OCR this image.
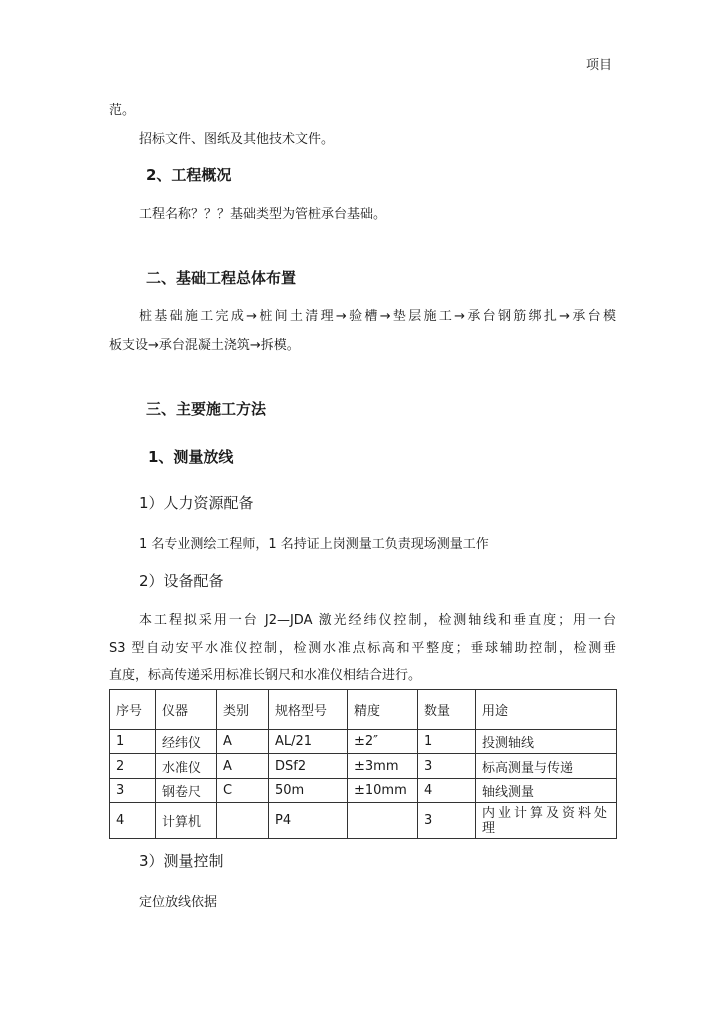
项目
范。
招标文件、图纸及其他技术文件。
2、工程概况
工程名称？？？基础类型为管桩承台基础。
二、基础工程总体布置
桩基础施工完成→桩间土清理→验槽→垫层施工→承台钢筋绑扎→承台模
板支设→承台混凝土浇筑→拆模。
三、主要施工方法
1、测量放线
1）人力资源配备
1 名专业测绘工程师，1 名持证上岗测量工负责现场测量工作
2）设备配备
本工程拟采用一台 J2—JDA 激光经纬仪控制，检测轴线和垂直度；用一台
S3 型自动安平水准仪控制，检测水准点标高和平整度；垂球辅助控制，检测垂
直度，标高传递采用标准长钢尺和水准仪相结合进行。
序号	仪器	类别	规格型号	精度	数量	用途
1	经纬仪	A	AL/21	±2″	1	投测轴线
2	水准仪	A	DSf2	±3mm	3	标高测量与传递
3	钢卷尺	C	50m	±10mm	4	轴线测量
4	计算机		P4		3	内业计算及资料处理
3）测量控制
定位放线依据
